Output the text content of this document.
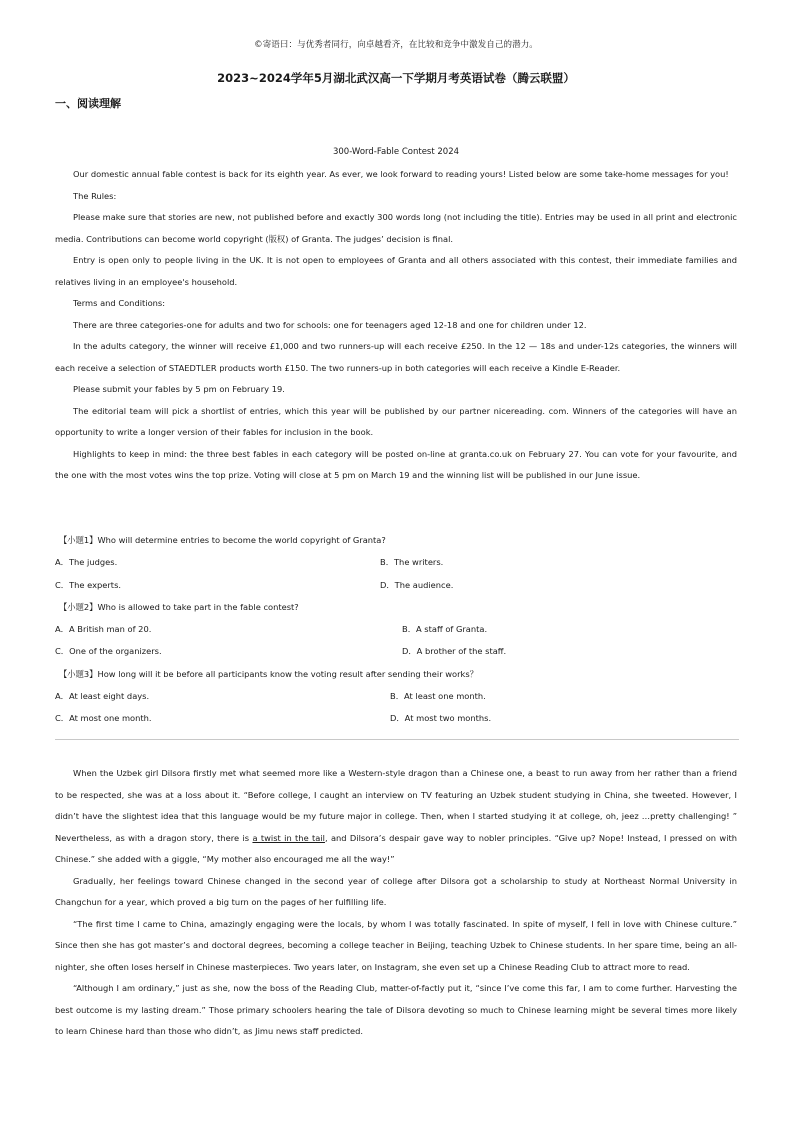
©寄语曰：与优秀者同行，向卓越看齐，在比较和竞争中激发自己的潜力。
2023~2024学年5月湖北武汉高一下学期月考英语试卷（腾云联盟）
一、阅读理解
300-Word-Fable Contest 2024

Our domestic annual fable contest is back for its eighth year. As ever, we look forward to reading yours! Listed below are some take-home messages for you!

The Rules:

Please make sure that stories are new, not published before and exactly 300 words long (not including the title). Entries may be used in all print and electronic media. Contributions can become world copyright (版权) of Granta. The judges’ decision is final.

Entry is open only to people living in the UK. It is not open to employees of Granta and all others associated with this contest, their immediate families and relatives living in an employee's household.

Terms and Conditions:

There are three categories-one for adults and two for schools: one for teenagers aged 12-18 and one for children under 12.

In the adults category, the winner will receive £1,000 and two runners-up will each receive £250. In the 12 — 18s and under-12s categories, the winners will each receive a selection of STAEDTLER products worth £150. The two runners-up in both categories will each receive a Kindle E-Reader.

Please submit your fables by 5 pm on February 19.

The editorial team will pick a shortlist of entries, which this year will be published by our partner nicereading. com. Winners of the categories will have an opportunity to write a longer version of their fables for inclusion in the book.

Highlights to keep in mind: the three best fables in each category will be posted on-line at granta.co.uk on February 27. You can vote for your favourite, and the one with the most votes wins the top prize. Voting will close at 5 pm on March 19 and the winning list will be published in our June issue.

【小题1】Who will determine entries to become the world copyright of Granta?
A．The judges.	B．The writers.
C．The experts.	D．The audience.
【小题2】Who is allowed to take part in the fable contest?
A．A British man of 20.	B．A staff of Granta.
C．One of the organizers.	D．A brother of the staff.
【小题3】How long will it be before all participants know the voting result after sending their works？
A．At least eight days.	B．At least one month.
C．At most one month.	D．At most two months.

When the Uzbek girl Dilsora firstly met what seemed more like a Western-style dragon than a Chinese one, a beast to run away from her rather than a friend to be respected, she was at a loss about it. “Before college, I caught an interview on TV featuring an Uzbek student studying in China, she tweeted. However, I didn’t have the slightest idea that this language would be my future major in college. Then, when I started studying it at college, oh, jeez …pretty challenging! ” Nevertheless, as with a dragon story, there is a twist in the tail, and Dilsora’s despair gave way to nobler principles. “Give up? Nope! Instead, I pressed on with Chinese.” she added with a giggle, “My mother also encouraged me all the way!”

Gradually, her feelings toward Chinese changed in the second year of college after Dilsora got a scholarship to study at Northeast Normal University in Changchun for a year, which proved a big turn on the pages of her fulfilling life.

“The first time I came to China, amazingly engaging were the locals, by whom I was totally fascinated. In spite of myself, I fell in love with Chinese culture.” Since then she has got master’s and doctoral degrees, becoming a college teacher in Beijing, teaching Uzbek to Chinese students. In her spare time, being an all-nighter, she often loses herself in Chinese masterpieces. Two years later, on Instagram, she even set up a Chinese Reading Club to attract more to read.

“Although I am ordinary,” just as she, now the boss of the Reading Club, matter-of-factly put it, “since I’ve come this far, I am to come further. Harvesting the best outcome is my lasting dream.” Those primary schoolers hearing the tale of Dilsora devoting so much to Chinese learning might be several times more likely to learn Chinese hard than those who didn’t, as Jimu news staff predicted.
